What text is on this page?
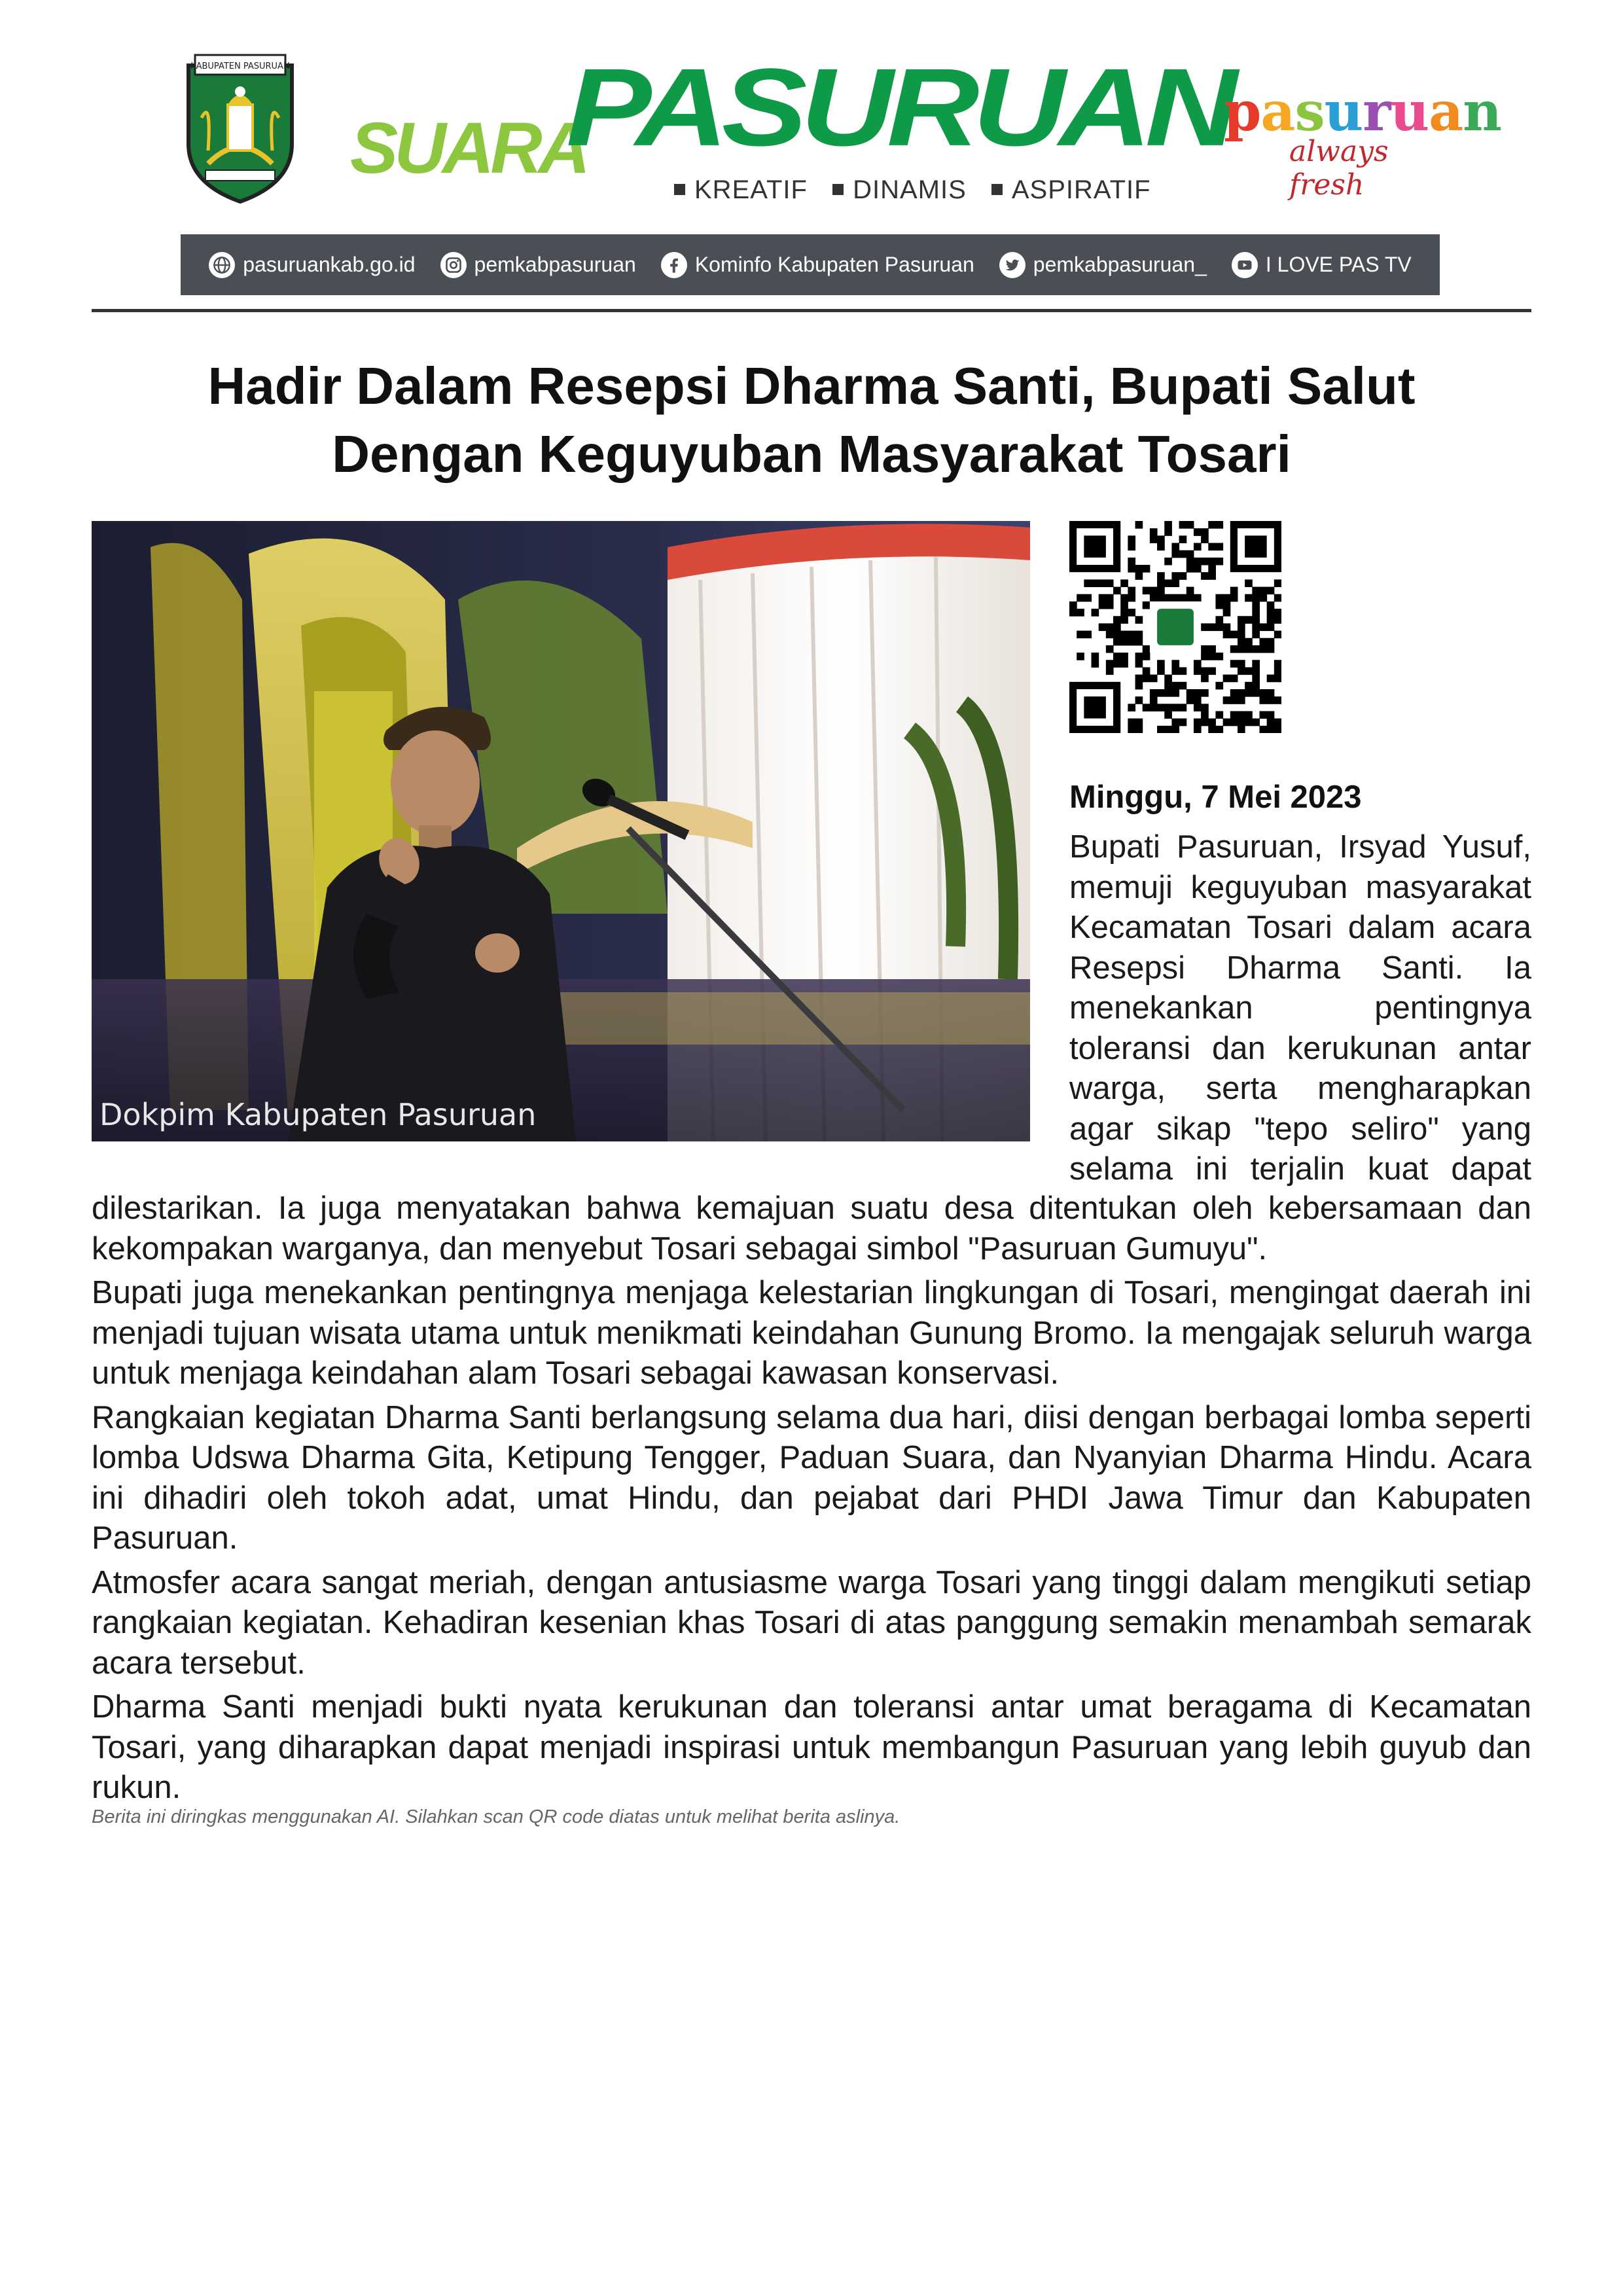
KABUPATEN PASURUAN
SUARA
PASURUAN
KREATIF DINAMIS ASPIRATIF
pasuruan
always fresh
pasuruankab.go.id	pemkabpasuruan	Kominfo Kabupaten Pasuruan	pemkabpasuruan_	I LOVE PAS TV
Hadir Dalam Resepsi Dharma Santi, Bupati Salut
Dengan Keguyuban Masyarakat Tosari
Dokpim Kabupaten Pasuruan
Minggu, 7 Mei 2023
Bupati Pasuruan, Irsyad Yusuf, memuji keguyuban masyarakat Kecamatan Tosari dalam acara Resepsi Dharma Santi. Ia menekankan pentingnya toleransi dan kerukunan antar warga, serta mengharapkan agar sikap "tepo seliro" yang selama ini terjalin kuat dapat

dilestarikan. Ia juga menyatakan bahwa kemajuan suatu desa ditentukan oleh kebersamaan dan kekompakan warganya, dan menyebut Tosari sebagai simbol "Pasuruan Gumuyu".

Bupati juga menekankan pentingnya menjaga kelestarian lingkungan di Tosari, mengingat daerah ini menjadi tujuan wisata utama untuk menikmati keindahan Gunung Bromo. Ia mengajak seluruh warga untuk menjaga keindahan alam Tosari sebagai kawasan konservasi.

Rangkaian kegiatan Dharma Santi berlangsung selama dua hari, diisi dengan berbagai lomba seperti lomba Udswa Dharma Gita, Ketipung Tengger, Paduan Suara, dan Nyanyian Dharma Hindu. Acara ini dihadiri oleh tokoh adat, umat Hindu, dan pejabat dari PHDI Jawa Timur dan Kabupaten Pasuruan.

Atmosfer acara sangat meriah, dengan antusiasme warga Tosari yang tinggi dalam mengikuti setiap rangkaian kegiatan. Kehadiran kesenian khas Tosari di atas panggung semakin menambah semarak acara tersebut.

Dharma Santi menjadi bukti nyata kerukunan dan toleransi antar umat beragama di Kecamatan Tosari, yang diharapkan dapat menjadi inspirasi untuk membangun Pasuruan yang lebih guyub dan rukun.

Berita ini diringkas menggunakan AI. Silahkan scan QR code diatas untuk melihat berita aslinya.
